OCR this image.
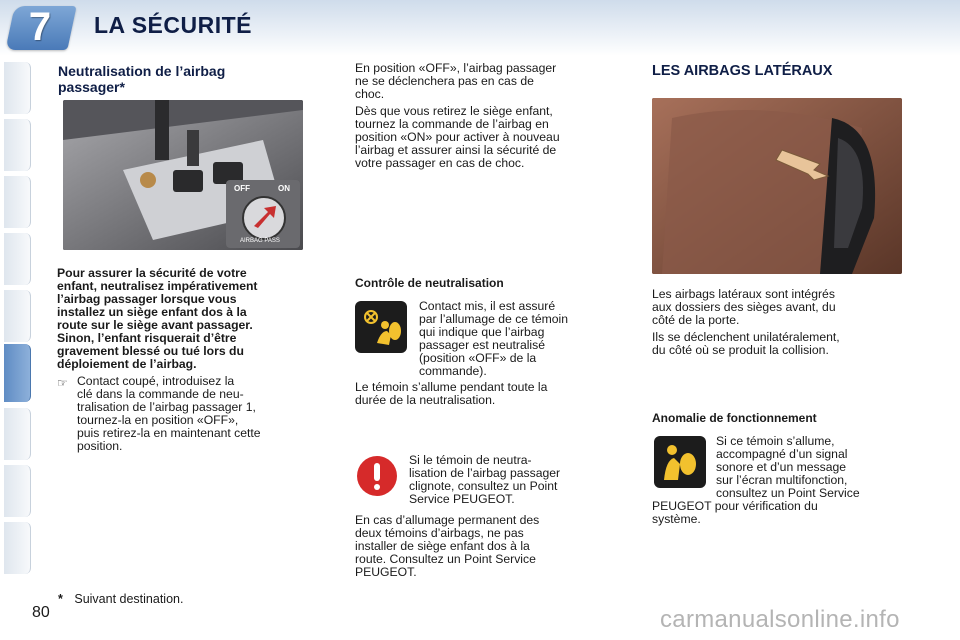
7	LA SÉCURITÉ
Neutralisation de l’airbag
passager*
OFF	ON
AIRBAG PASS
Pour assurer la sécurité de votre
enfant, neutralisez impérativement
l’airbag passager lorsque vous
installez un siège enfant dos à la
route sur le siège avant passager.
Sinon, l’enfant risquerait d’être
gravement blessé ou tué lors du
déploiement de l’airbag.
☞ Contact coupé, introduisez la
clé dans la commande de neu-
tralisation de l’airbag passager 1,
tournez-la en position «OFF»,
puis retirez-la en maintenant cette
position.
* Suivant destination.
En position «OFF», l’airbag passager
ne se déclenchera pas en cas de
choc.
Dès que vous retirez le siège enfant,
tournez la commande de l’airbag en
position «ON» pour activer à nouveau
l’airbag et assurer ainsi la sécurité de
votre passager en cas de choc.
Contrôle de neutralisation
Contact mis, il est assuré
par l’allumage de ce témoin
qui indique que l’airbag
passager est neutralisé
(position «OFF» de la
commande).
Le témoin s’allume pendant toute la
durée de la neutralisation.
Si le témoin de neutra-
lisation de l’airbag passager
clignote, consultez un Point
Service PEUGEOT.
En cas d’allumage permanent des
deux témoins d’airbags, ne pas
installer de siège enfant dos à la
route. Consultez un Point Service
PEUGEOT.
LES AIRBAGS LATÉRAUX
Les airbags latéraux sont intégrés
aux dossiers des sièges avant, du
côté de la porte.
Ils se déclenchent unilatéralement,
du côté où se produit la collision.
Anomalie de fonctionnement
Si ce témoin s’allume,
accompagné d’un signal
sonore et d’un message
sur l’écran multifonction,
consultez un Point Service
PEUGEOT pour vérification du
système.
80	carmanualsonline.info
